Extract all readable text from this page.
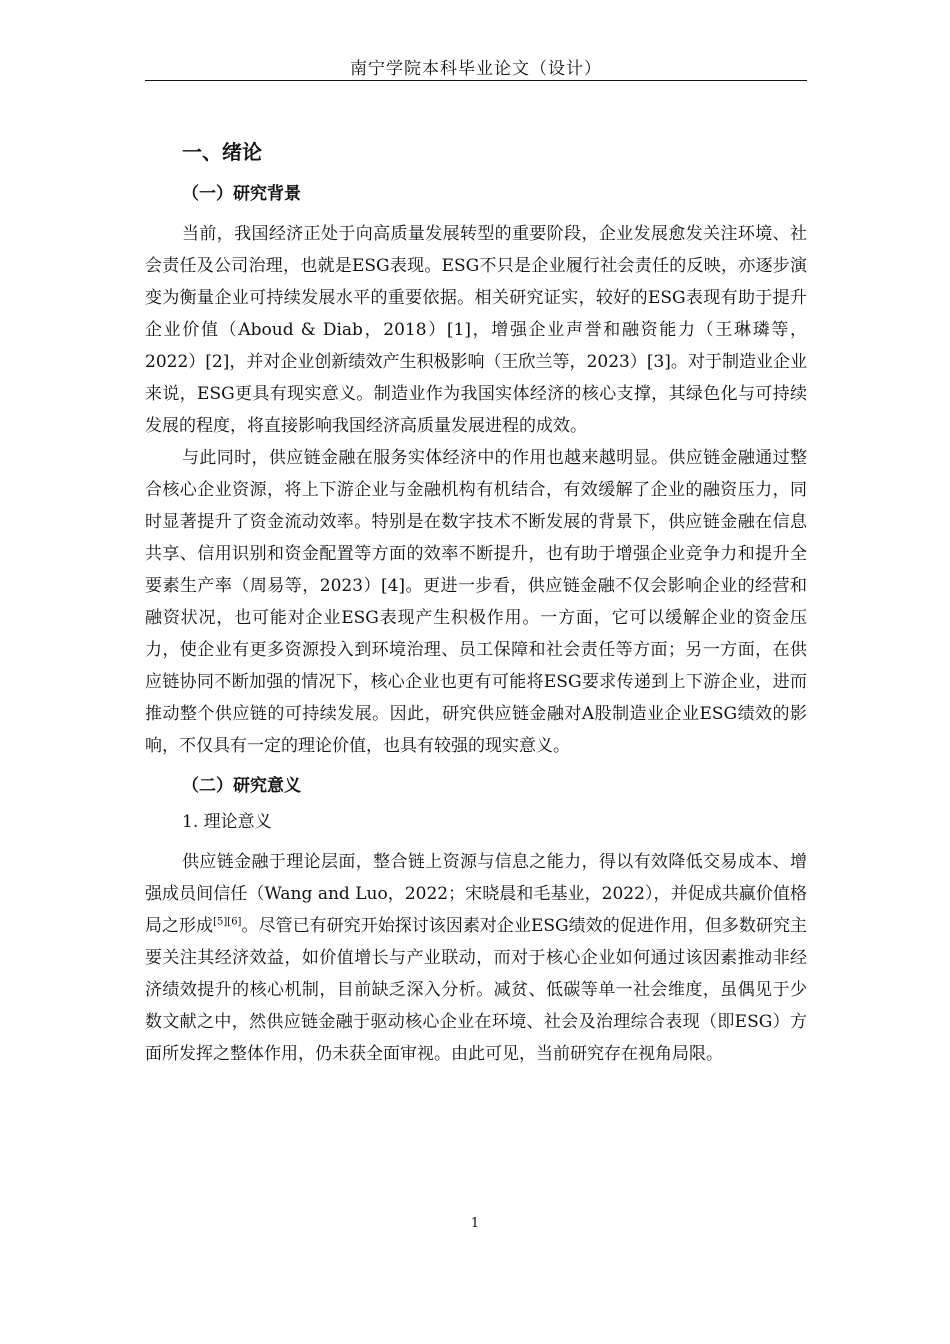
南宁学院本科毕业论文（设计）
一、绪论
（一）研究背景

当前，我国经济正处于向高质量发展转型的重要阶段，企业发展愈发关注环境、社会责任及公司治理，也就是ESG表现。ESG不只是企业履行社会责任的反映，亦逐步演变为衡量企业可持续发展水平的重要依据。相关研究证实，较好的ESG表现有助于提升企业价值（Aboud & Diab，2018）[1]，增强企业声誉和融资能力（王琳璘等，2022）[2]，并对企业创新绩效产生积极影响（王欣兰等，2023）[3]。对于制造业企业来说，ESG更具有现实意义。制造业作为我国实体经济的核心支撑，其绿色化与可持续发展的程度，将直接影响我国经济高质量发展进程的成效。

与此同时，供应链金融在服务实体经济中的作用也越来越明显。供应链金融通过整合核心企业资源，将上下游企业与金融机构有机结合，有效缓解了企业的融资压力，同时显著提升了资金流动效率。特别是在数字技术不断发展的背景下，供应链金融在信息共享、信用识别和资金配置等方面的效率不断提升，也有助于增强企业竞争力和提升全要素生产率（周易等，2023）[4]。更进一步看，供应链金融不仅会影响企业的经营和融资状况，也可能对企业ESG表现产生积极作用。一方面，它可以缓解企业的资金压力，使企业有更多资源投入到环境治理、员工保障和社会责任等方面；另一方面，在供应链协同不断加强的情况下，核心企业也更有可能将ESG要求传递到上下游企业，进而推动整个供应链的可持续发展。因此，研究供应链金融对A股制造业企业ESG绩效的影响，不仅具有一定的理论价值，也具有较强的现实意义。

（二）研究意义
1. 理论意义

供应链金融于理论层面，整合链上资源与信息之能力，得以有效降低交易成本、增强成员间信任（Wang and Luo，2022；宋晓晨和毛基业，2022），并促成共赢价值格局之形成[5][6]。尽管已有研究开始探讨该因素对企业ESG绩效的促进作用，但多数研究主要关注其经济效益，如价值增长与产业联动，而对于核心企业如何通过该因素推动非经济绩效提升的核心机制，目前缺乏深入分析。减贫、低碳等单一社会维度，虽偶见于少数文献之中，然供应链金融于驱动核心企业在环境、社会及治理综合表现（即ESG）方面所发挥之整体作用，仍未获全面审视。由此可见，当前研究存在视角局限。

1
